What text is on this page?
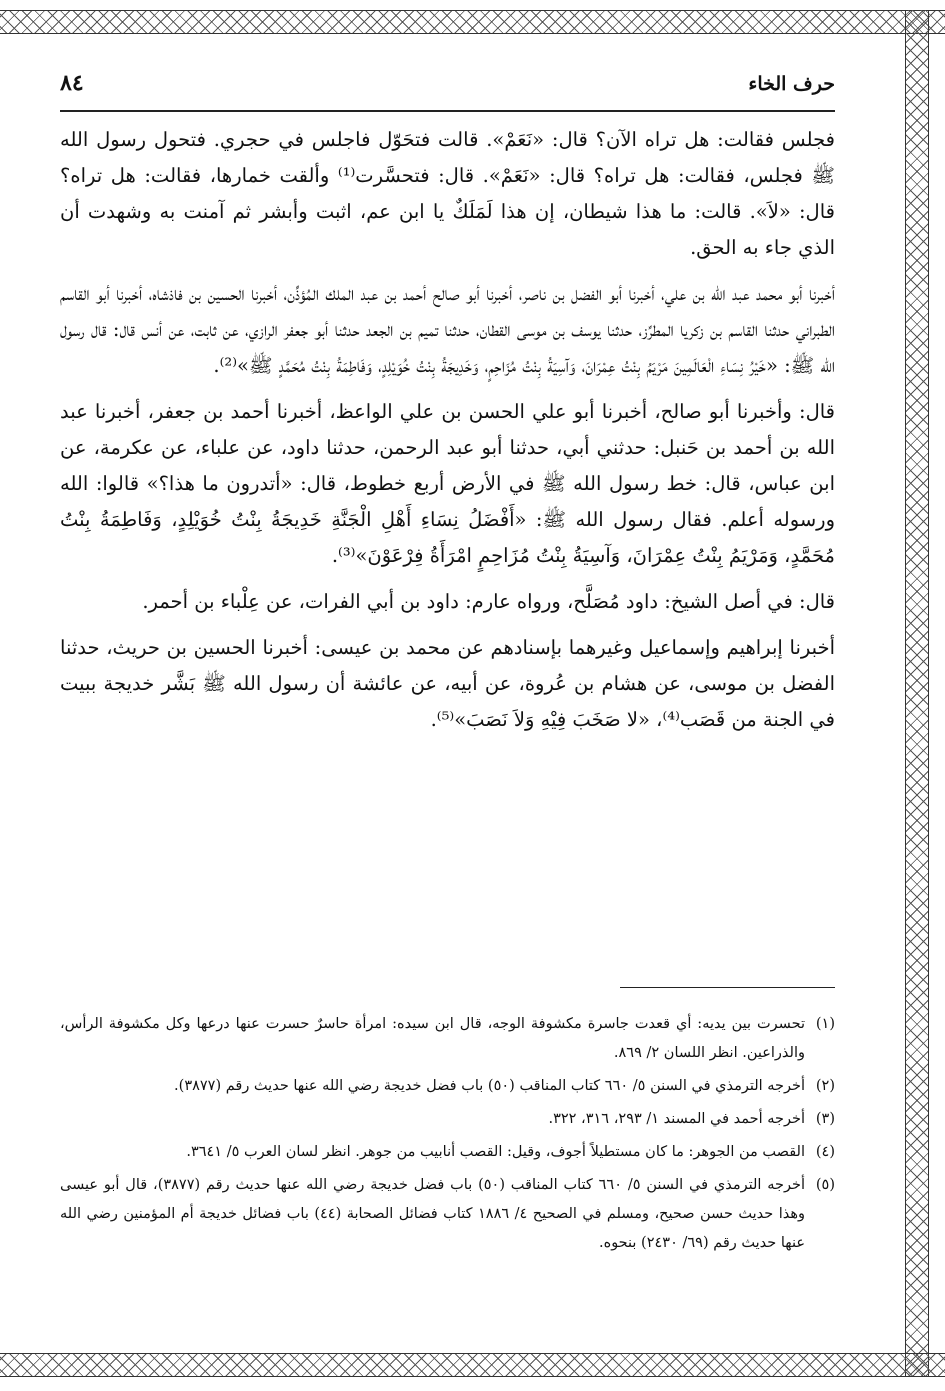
حرف الخاء
٨٤

فجلس فقالت: هل تراه الآن؟ قال: «نَعَمْ». قالت فتحَوّل فاجلس في حجري. فتحول رسول الله ﷺ فجلس، فقالت: هل تراه؟ قال: «نَعَمْ». قال: فتحسَّرت⁽¹⁾ وألقت خمارها، فقالت: هل تراه؟ قال: «لاَ». قالت: ما هذا شيطان، إن هذا لَمَلَكٌ يا ابن عم، اثبت وأبشر ثم آمنت به وشهدت أن الذي جاء به الحق.

أخبرنا أبو محمد عبد الله بن علي، أخبرنا أبو الفضل بن ناصر، أخبرنا أبو صالح أحمد بن عبد الملك المُؤذِّن، أخبرنا الحسين بن فاذشاه، أخبرنا أبو القاسم الطبراني حدثنا القاسم بن زكريا المطرِّز، حدثنا يوسف بن موسى القطان، حدثنا تميم بن الجعد حدثنا أبو جعفر الرازي، عن ثابت، عن أنس قال: قال رسول الله ﷺ: «خَيْرُ نِسَاءِ الْعَالَمِينَ مَرْيَمُ بِنْتُ عِمْرَانَ، وَآسِيَةُ بِنْتُ مُزَاحِمٍ، وَخَدِيجَةُ بِنْتُ خُوَيْلِدٍ، وَفَاطِمَةُ بِنْتُ مُحَمَّدٍ ﷺ»⁽²⁾.

قال: وأخبرنا أبو صالح، أخبرنا أبو علي الحسن بن علي الواعظ، أخبرنا أحمد بن جعفر، أخبرنا عبد الله بن أحمد بن حَنبل: حدثني أبي، حدثنا أبو عبد الرحمن، حدثنا داود، عن علباء، عن عكرمة، عن ابن عباس، قال: خط رسول الله ﷺ في الأرض أربع خطوط، قال: «أتدرون ما هذا؟» قالوا: الله ورسوله أعلم. فقال رسول الله ﷺ: «أَفْضَلُ نِسَاءِ أَهْلِ الْجَنَّةِ خَدِيجَةُ بِنْتُ خُوَيْلِدٍ، وَفَاطِمَةُ بِنْتُ مُحَمَّدٍ، وَمَرْيَمُ بِنْتُ عِمْرَانَ، وَآسِيَةُ بِنْتُ مُزَاحِمٍ امْرَأَةُ فِرْعَوْنَ»⁽³⁾.

قال: في أصل الشيخ: داود مُصَلَّح، ورواه عارم: داود بن أبي الفرات، عن عِلْباء بن أحمر.

أخبرنا إبراهيم وإسماعيل وغيرهما بإسنادهم عن محمد بن عيسى: أخبرنا الحسين بن حريث، حدثنا الفضل بن موسى، عن هشام بن عُروة، عن أبيه، عن عائشة أن رسول الله ﷺ بَشَّر خديجة ببيت في الجنة من قَصَب⁽⁴⁾، «لا صَخَبَ فِيْهِ وَلاَ نَصَبَ»⁽⁵⁾.

(١)تحسرت بين يديه: أي قعدت جاسرة مكشوفة الوجه، قال ابن سيده: امرأة حاسرٌ حسرت عنها درعها وكل مكشوفة الرأس، والذراعين. انظر اللسان ٢/ ٨٦٩.

(٢)أخرجه الترمذي في السنن ٥/ ٦٦٠ كتاب المناقب (٥٠) باب فضل خديجة رضي الله عنها حديث رقم (٣٨٧٧).

(٣)أخرجه أحمد في المسند ١/ ٢٩٣، ٣١٦، ٣٢٢.

(٤)القصب من الجوهر: ما كان مستطيلاً أجوف، وقيل: القصب أنابيب من جوهر. انظر لسان العرب ٥/ ٣٦٤١.

(٥)أخرجه الترمذي في السنن ٥/ ٦٦٠ كتاب المناقب (٥٠) باب فضل خديجة رضي الله عنها حديث رقم (٣٨٧٧)، قال أبو عيسى وهذا حديث حسن صحيح، ومسلم في الصحيح ٤/ ١٨٨٦ كتاب فضائل الصحابة (٤٤) باب فضائل خديجة أم المؤمنين رضي الله عنها حديث رقم (٦٩/ ٢٤٣٠) بنحوه.
